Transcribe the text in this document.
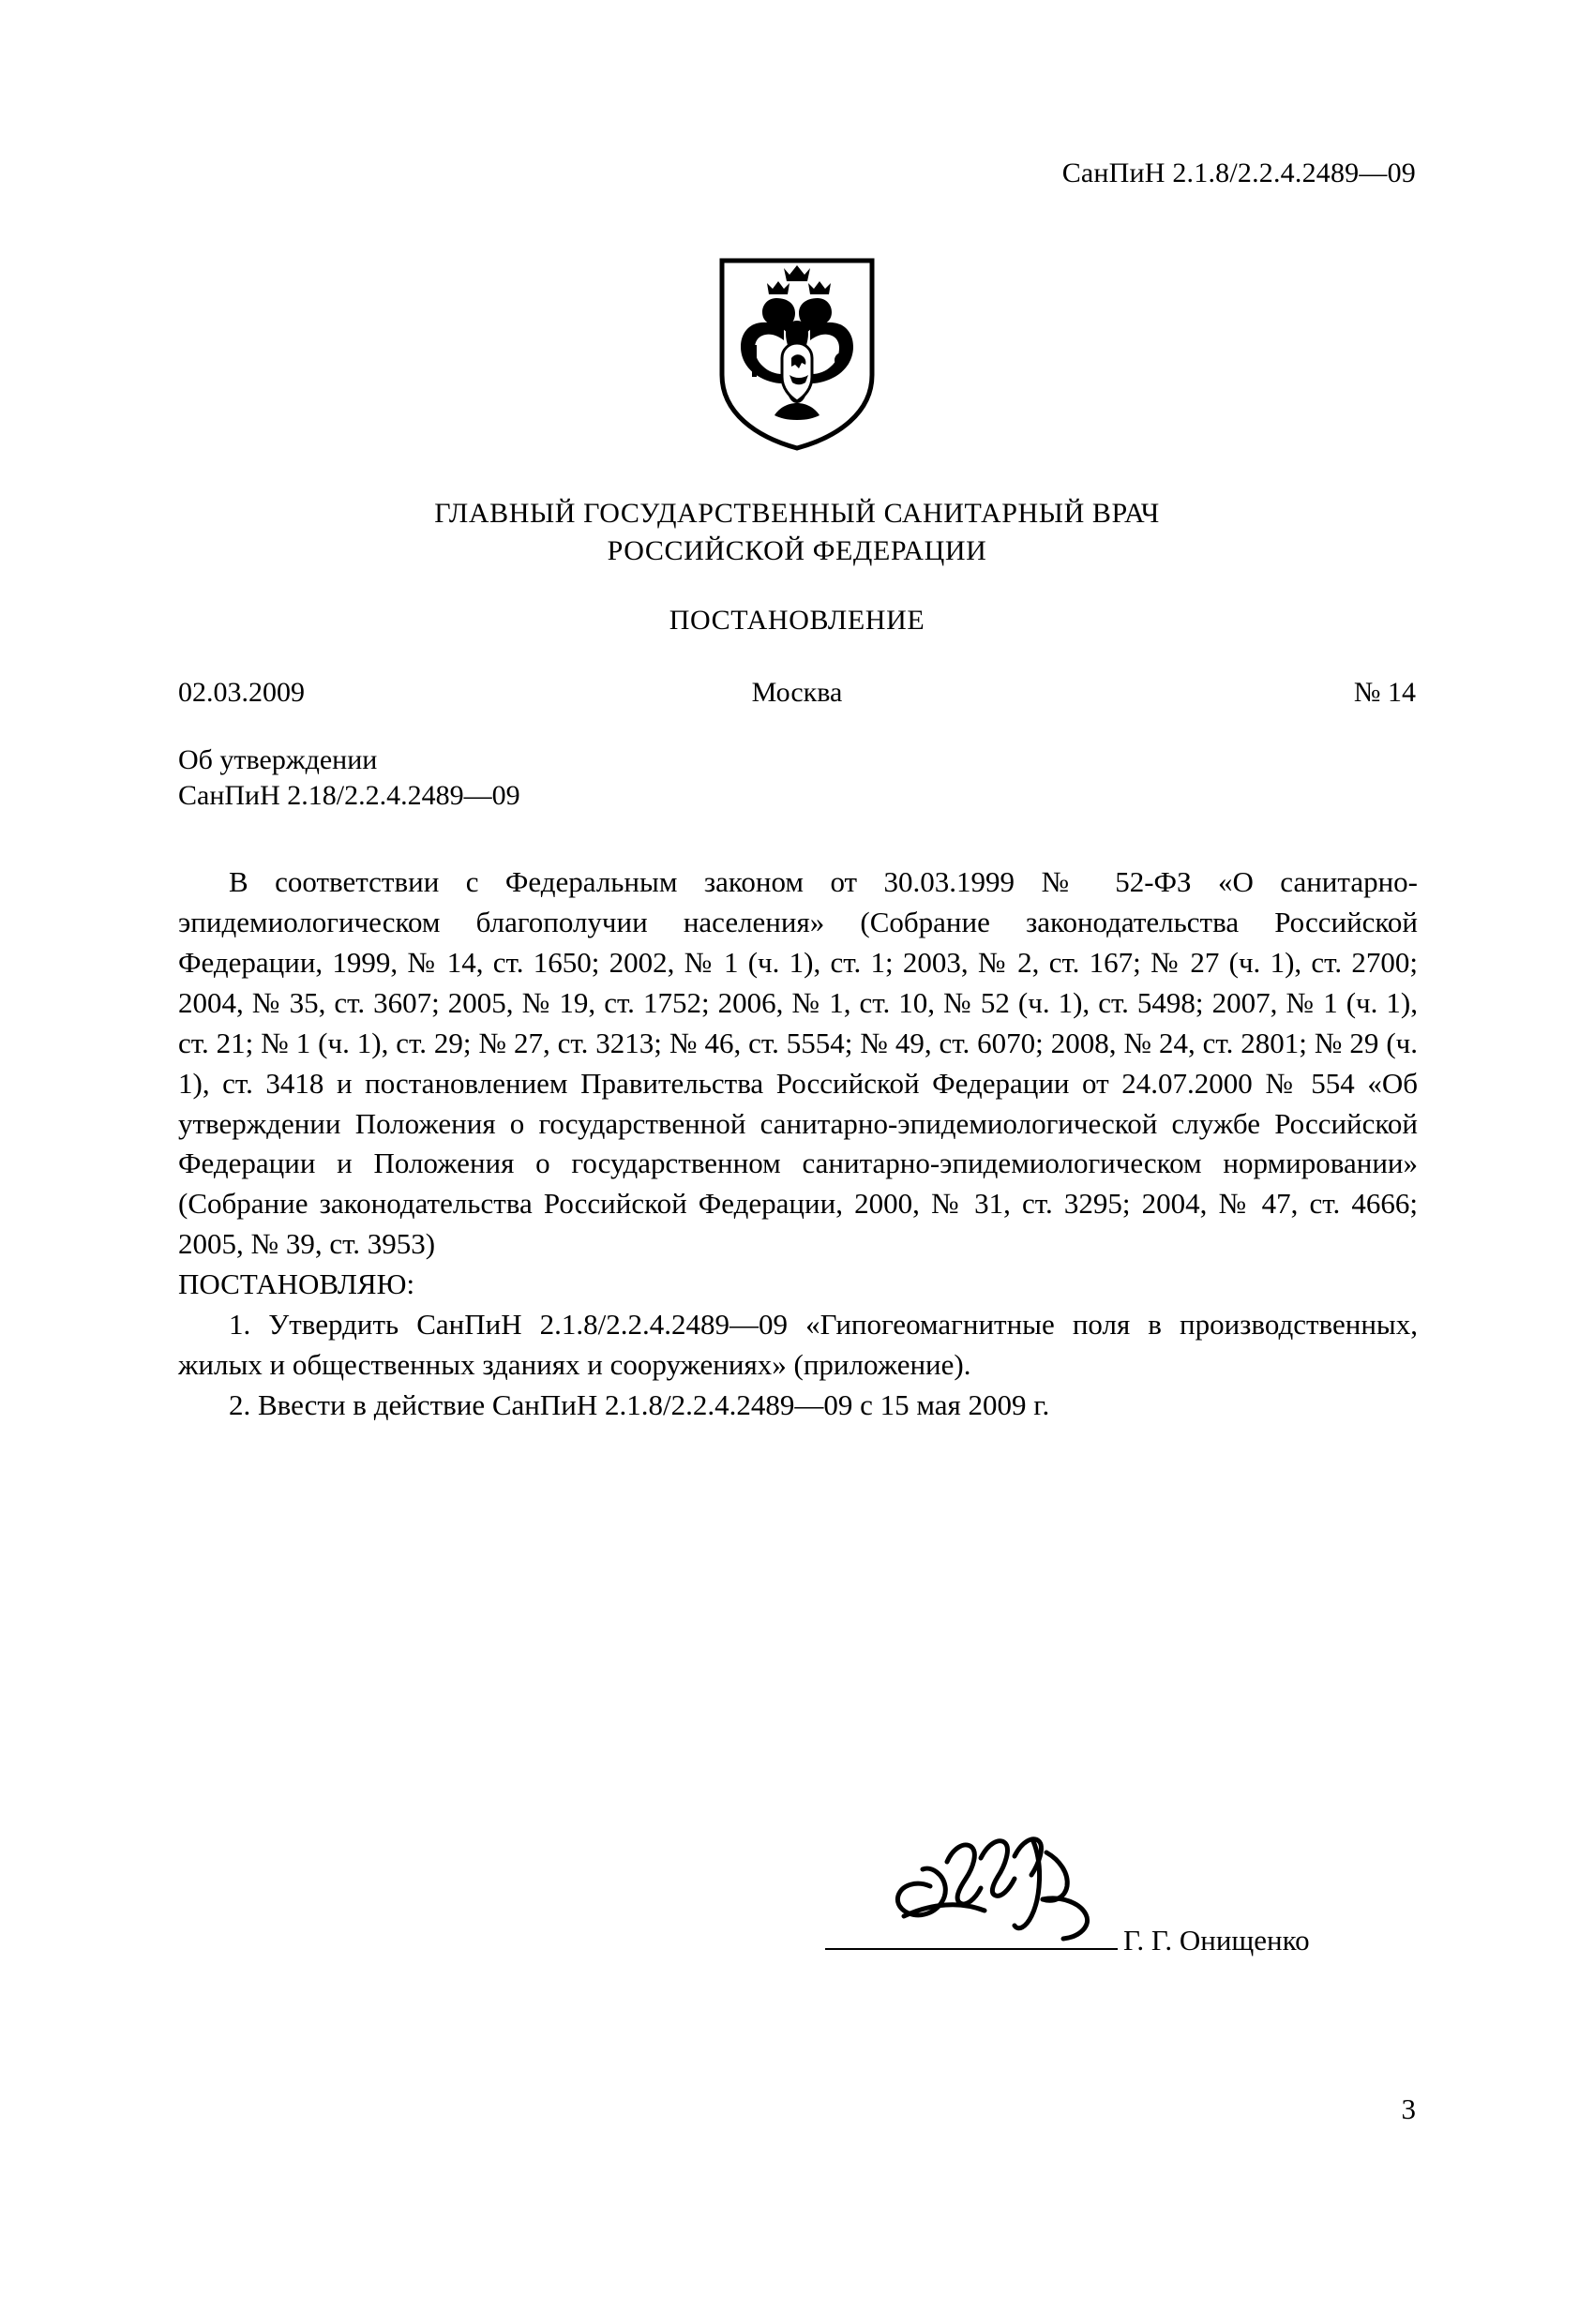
СанПиН 2.1.8/2.2.4.2489—09
ГЛАВНЫЙ ГОСУДАРСТВЕННЫЙ САНИТАРНЫЙ ВРАЧ
РОССИЙСКОЙ ФЕДЕРАЦИИ
ПОСТАНОВЛЕНИЕ
02.03.2009	Москва	№ 14
Об утверждении
СанПиН 2.18/2.2.4.2489—09

В соответствии с Федеральным законом от 30.03.1999 № 52-ФЗ «О санитарно-эпидемиологическом благополучии населения» (Собрание законодательства Российской Федерации, 1999, № 14, ст. 1650; 2002, № 1 (ч. 1), ст. 1; 2003, № 2, ст. 167; № 27 (ч. 1), ст. 2700; 2004, № 35, ст. 3607; 2005, № 19, ст. 1752; 2006, № 1, ст. 10, № 52 (ч. 1), ст. 5498; 2007, № 1 (ч. 1), ст. 21; № 1 (ч. 1), ст. 29; № 27, ст. 3213; № 46, ст. 5554; № 49, ст. 6070; 2008, № 24, ст. 2801; № 29 (ч. 1), ст. 3418 и постановлением Правительства Российской Федерации от 24.07.2000 № 554 «Об утверждении Положения о государственной санитарно-эпидемиологической службе Российской Федерации и Положения о государственном санитарно-эпидемиологическом нормировании» (Собрание законодательства Российской Федерации, 2000, № 31, ст. 3295; 2004, № 47, ст. 4666; 2005, № 39, ст. 3953)

ПОСТАНОВЛЯЮ:

1. Утвердить СанПиН 2.1.8/2.2.4.2489—09 «Гипогеомагнитные поля в производственных, жилых и общественных зданиях и сооружениях» (приложение).

2. Ввести в действие СанПиН 2.1.8/2.2.4.2489—09 с 15 мая 2009 г.

Г. Г. Онищенко
3
